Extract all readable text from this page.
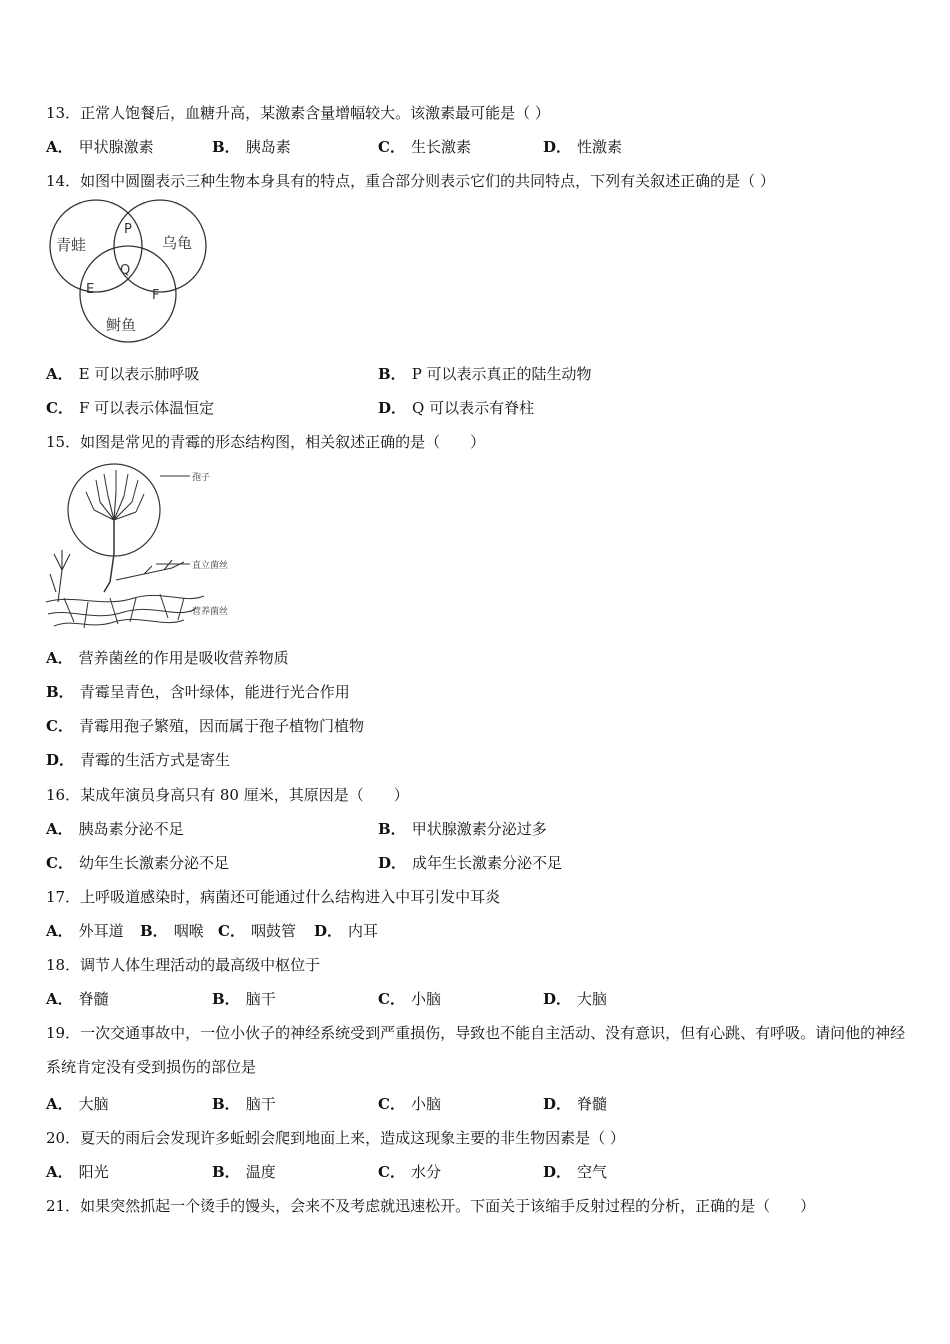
13．正常人饱餐后，血糖升高，某激素含量增幅较大。该激素最可能是（ ）
A． 甲状腺激素	B． 胰岛素	C． 生长激素	D． 性激素
14．如图中圆圈表示三种生物本身具有的特点，重合部分则表示它们的共同特点，下列有关叙述正确的是（ ）
青蛙	乌龟
鲥鱼
P
Q
E	F
A． E 可以表示肺呼吸	B． P 可以表示真正的陆生动物
C． F 可以表示体温恒定	D． Q 可以表示有脊柱
15．如图是常见的青霉的形态结构图，相关叙述正确的是（　　）
孢子
直立菌丝
营养菌丝
A． 营养菌丝的作用是吸收营养物质
B． 青霉呈青色，含叶绿体，能进行光合作用
C． 青霉用孢子繁殖，因而属于孢子植物门植物
D． 青霉的生活方式是寄生
16．某成年演员身高只有 80 厘米，其原因是（　　）
A． 胰岛素分泌不足	B． 甲状腺激素分泌过多
C． 幼年生长激素分泌不足	D． 成年生长激素分泌不足
17．上呼吸道感染时，病菌还可能通过什么结构进入中耳引发中耳炎
A． 外耳道 B． 咽喉 C． 咽鼓管 D． 内耳
18．调节人体生理活动的最高级中枢位于
A． 脊髓	B． 脑干	C． 小脑	D． 大脑
19．一次交通事故中，一位小伙子的神经系统受到严重损伤，导致也不能自主活动、没有意识，但有心跳、有呼吸。请问他的神经系统肯定没有受到损伤的部位是
A． 大脑	B． 脑干	C． 小脑	D． 脊髓
20．夏天的雨后会发现许多蚯蚓会爬到地面上来，造成这现象主要的非生物因素是（ ）
A． 阳光	B． 温度	C． 水分	D． 空气
21．如果突然抓起一个烫手的馒头，会来不及考虑就迅速松开。下面关于该缩手反射过程的分析，正确的是（　　）
